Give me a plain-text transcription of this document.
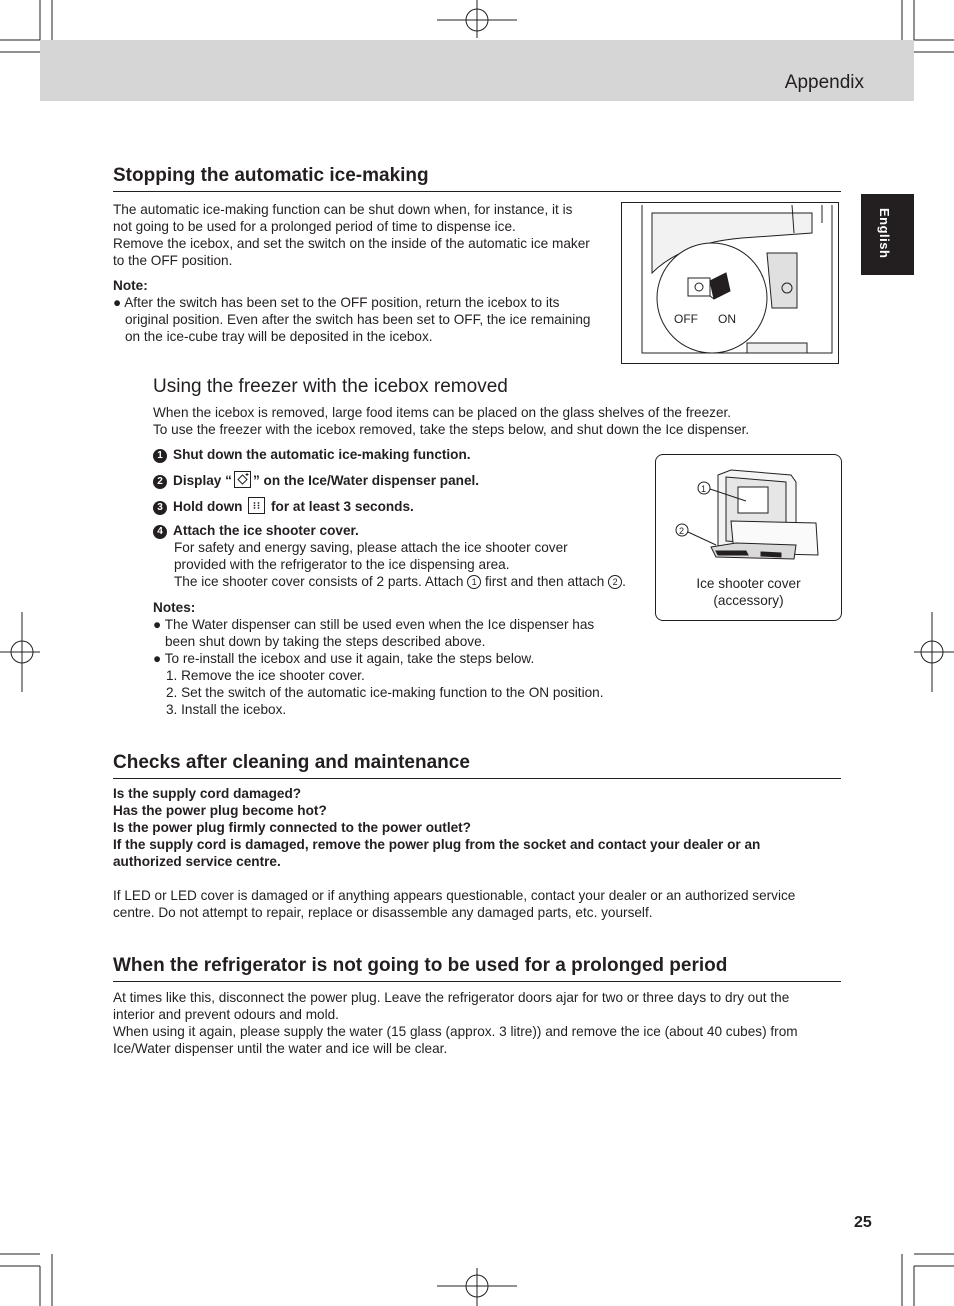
Appendix
English
Stopping the automatic ice-making

The automatic ice-making function can be shut down when, for instance, it is

not going to be used for a prolonged period of time to dispense ice.

Remove the icebox, and set the switch on the inside of the automatic ice maker

to the OFF position.

Note:

● After the switch has been set to the OFF position, return the icebox to its

original position. Even after the switch has been set to OFF, the ice remaining

on the ice-cube tray will be deposited in the icebox.

OFF ON
Using the freezer with the icebox removed

When the icebox is removed, large food items can be placed on the glass shelves of the freezer.

To use the freezer with the icebox removed, take the steps below, and shut down the Ice dispenser.

1 Shut down the automatic ice-making function.
2 Display “ ” on the Ice/Water dispenser panel.
3 Hold down
for at least 3 seconds.
4 Attach the ice shooter cover.

For safety and energy saving, please attach the ice shooter cover

provided with the refrigerator to the ice dispensing area.

The ice shooter cover consists of 2 parts. Attach 1 first and then attach 2 .

Notes:

● The Water dispenser can still be used even when the Ice dispenser has

been shut down by taking the steps described above.

● To re-install the icebox and use it again, take the steps below.

1. Remove the ice shooter cover.

2. Set the switch of the automatic ice-making function to the ON position.

3. Install the icebox.

1
2
Ice shooter cover
(accessory)
Checks after cleaning and maintenance

Is the supply cord damaged?

Has the power plug become hot?

Is the power plug firmly connected to the power outlet?

If the supply cord is damaged, remove the power plug from the socket and contact your dealer or an

authorized service centre.

If LED or LED cover is damaged or if anything appears questionable, contact your dealer or an authorized service

centre. Do not attempt to repair, replace or disassemble any damaged parts, etc. yourself.

When the refrigerator is not going to be used for a prolonged period

At times like this, disconnect the power plug. Leave the refrigerator doors ajar for two or three days to dry out the

interior and prevent odours and mold.

When using it again, please supply the water (15 glass (approx. 3 litre)) and remove the ice (about 40 cubes) from

Ice/Water dispenser until the water and ice will be clear.

25
